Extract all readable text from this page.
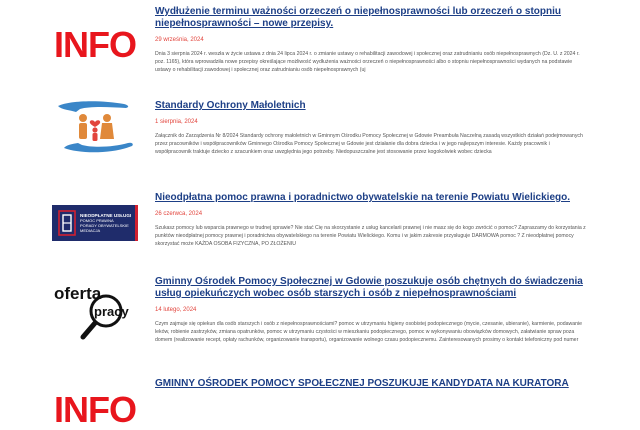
INFO
Wydłużenie terminu ważności orzeczeń o niepełnosprawności lub orzeczeń o stopniu niepełnosprawności – nowe przepisy.
29 września, 2024
Dnia 3 sierpnia 2024 r. weszła w życie ustawa z dnia 24 lipca 2024 r. o zmianie ustawy o rehabilitacji zawodowej i społecznej oraz zatrudnianiu osób niepełnosprawnych (Dz. U. z 2024 r. poz. 1165), która wprowadziła nowe przepisy określające możliwość wydłużenia ważności orzeczeń o niepełnosprawności albo o stopniu niepełnosprawności wydanych na podstawie ustawy o rehabilitacji zawodowej i społecznej oraz zatrudnianiu osób niepełnosprawnych (uj
Standardy Ochrony Małoletnich
1 sierpnia, 2024
Załącznik do Zarządzenia Nr 8/2024 Standardy ochrony małoletnich w Gminnym Ośrodku Pomocy Społecznej w Gdowie Preambuła Naczelną zasadą wszystkich działań podejmowanych przez pracowników i współpracowników Gminnego Ośrodka Pomocy Społecznej w Gdowie jest działanie dla dobra dziecka i w jego najlepszym interesie. Każdy pracownik i współpracownik traktuje dziecko z szacunkiem oraz uwzględnia jego potrzeby. Niedopuszczalne jest stosowanie przez kogokolwiek wobec dziecka
NIEODPŁATNE USŁUGI
POMOC PRAWNA
PORADY OBYWATELSKIE
MEDIACJA
Nieodpłatna pomoc prawna i poradnictwo obywatelskie na terenie Powiatu Wielickiego.
26 czerwca, 2024
Szukasz pomocy lub wsparcia prawnego w trudnej sprawie? Nie stać Cię na skorzystanie z usług kancelarii prawnej i nie masz się do kogo zwrócić o pomoc? Zapraszamy do korzystania z punktów nieodpłatnej pomocy prawnej i poradnictwa obywatelskiego na terenie Powiatu Wielickiego. Komu i w jakim zakresie przysługuje DARMOWA pomoc ? Z nieodpłatnej pomocy skorzystać może KAŻDA OSOBA FIZYCZNA, PO ZŁOŻENIU
oferta
pracy
Gminny Ośrodek Pomocy Społecznej w Gdowie poszukuje osób chętnych do świadczenia usług opiekuńczych wobec osób starszych i osób z niepełnosprawnościami
14 lutego, 2024
Czym zajmuje się opiekun dla osób starszych i osób z niepełnosprawnościami? pomoc w utrzymaniu higieny osobistej podopiecznego (mycie, czesanie, ubieranie), karmienie, podawanie leków, robienie zastrzyków, zmiana opatrunków, pomoc w utrzymaniu czystości w mieszkaniu podopiecznego, pomoc w wykonywaniu obowiązków domowych, załatwianie spraw poza domem (realizowanie recept, opłaty rachunków, organizowanie transportu), organizowanie wolnego czasu podopiecznemu. Zainteresowanych prosimy o kontakt telefoniczny pod numer
INFO
GMINNY OŚRODEK POMOCY SPOŁECZNEJ POSZUKUJE KANDYDATA NA KURATORA
